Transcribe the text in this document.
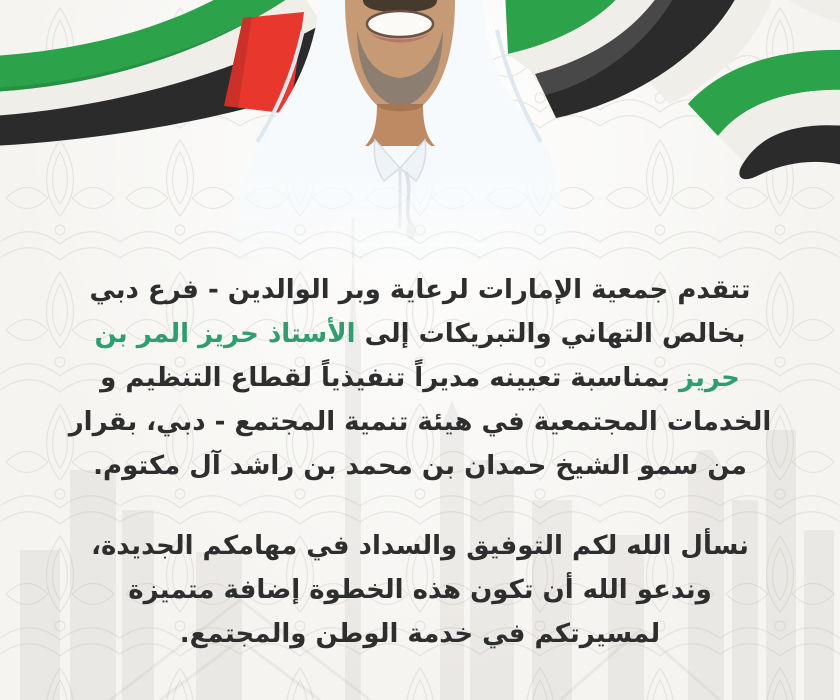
تتقدم جمعية الإمارات لرعاية وبر الوالدين - فرع دبي بخالص التهاني والتبريكات إلى الأستاذ حريز المر بن حريز بمناسبة تعيينه مديراً تنفيذياً لقطاع التنظيم و الخدمات المجتمعية في هيئة تنمية المجتمع - دبي، بقرار من سمو الشيخ حمدان بن محمد بن راشد آل مكتوم.

نسأل الله لكم التوفيق والسداد في مهامكم الجديدة، وندعو الله أن تكون هذه الخطوة إضافة متميزة لمسيرتكم في خدمة الوطن والمجتمع.
